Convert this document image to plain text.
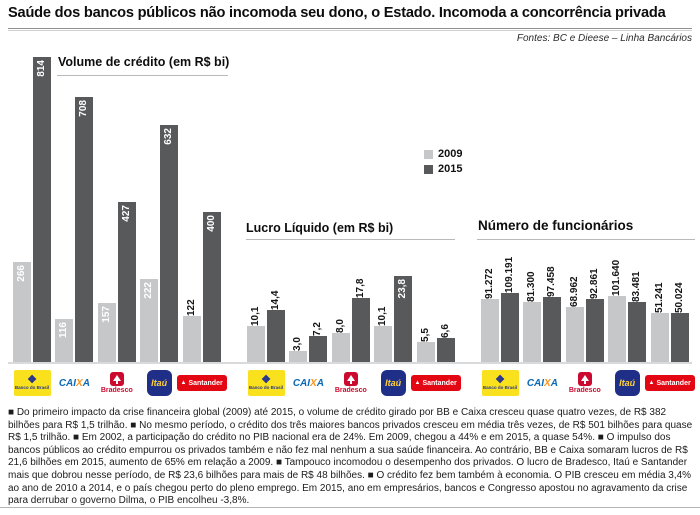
Saúde dos bancos públicos não incomoda seu dono, o Estado. Incomoda a concorrência privada
Fontes: BC e Dieese – Linha Bancários
Volume de crédito (em R$ bi)
266
814
❖
Banco do Brasil
116
708
CAIXA
157
427
Bradesco
222
632
Itaú
122
400
▲ Santander
Lucro Líquido (em R$ bi)
10,1
14,4
❖
Banco do Brasil
3,0
7,2
CAIXA
8,0
17,8
Bradesco
10,1
23,8
Itaú
5,5 6,6
▲ Santander
Número de funcionários
91.272 109.191
❖
Banco do Brasil
81.300 97.458
CAIXA
68.962 92.861
Bradesco
101.640 83.481
Itaú
51.241 50.024
▲ Santander
2009
2015
■ Do primeiro impacto da crise financeira global (2009) até 2015, o volume de crédito girado por BB e Caixa cresceu quase quatro vezes, de R$ 382 bilhões para R$ 1,5 trilhão. ■ No mesmo período, o crédito dos três maiores bancos privados cresceu em média três vezes, de R$ 501 bilhões para quase R$ 1,5 trilhão. ■ Em 2002, a participação do crédito no PIB nacional era de 24%. Em 2009, chegou a 44% e em 2015, a quase 54%. ■ O impulso dos bancos públicos ao crédito empurrou os privados também e não fez mal nenhum a sua saúde financeira. Ao contrário, BB e Caixa somaram lucros de R$ 21,6 bilhões em 2015, aumento de 65% em relação a 2009. ■ Tampouco incomodou o desempenho dos privados. O lucro de Bradesco, Itaú e Santander mais que dobrou nesse período, de R$ 23,6 bilhões para mais de R$ 48 bilhões. ■ O crédito fez bem também à economia. O PIB cresceu em média 3,4% ao ano de 2010 a 2014, e o país chegou perto do pleno emprego. Em 2015, ano em empresários, bancos e Congresso apostou no agravamento da crise para derrubar o governo Dilma, o PIB encolheu -3,8%.
